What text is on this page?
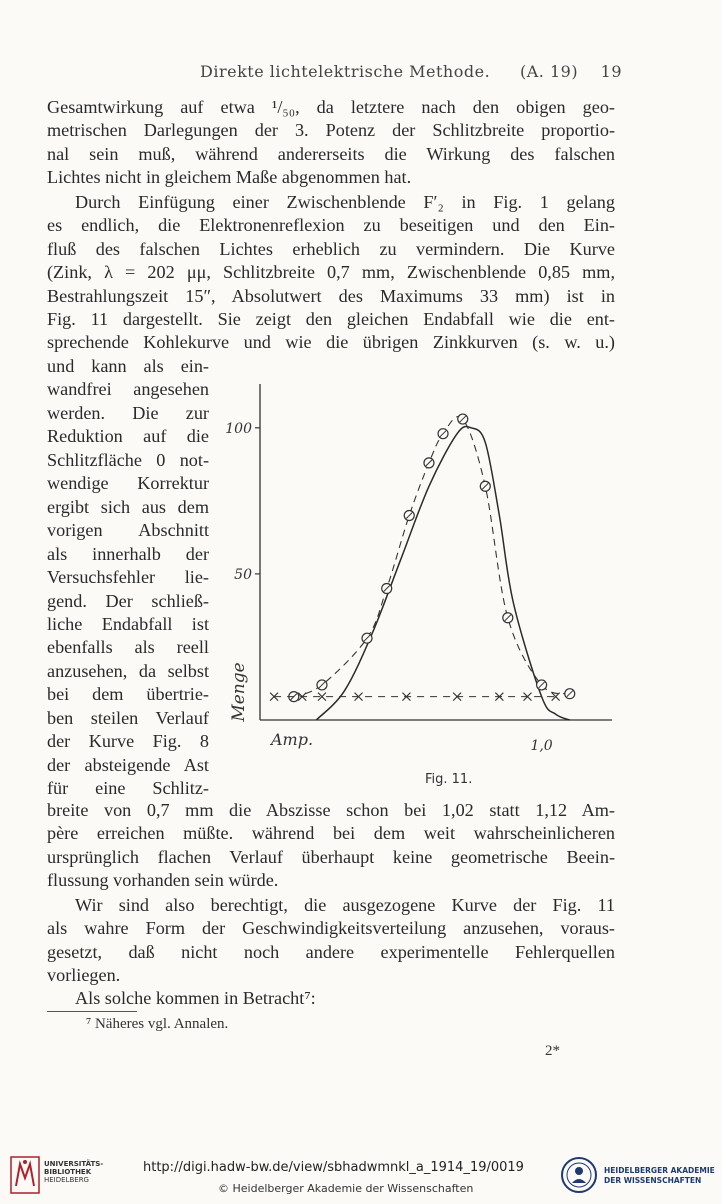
Direkte lichtelektrische Methode. (A. 19) 19
Gesamtwirkung auf etwa ¹/₅₀, da letztere nach den obigen geo-
metrischen Darlegungen der 3. Potenz der Schlitzbreite proportio-
nal sein muß, während andererseits die Wirkung des falschen
Lichtes nicht in gleichem Maße abgenommen hat.
Durch Einfügung einer Zwischenblende F′₂ in Fig. 1 gelang
es endlich, die Elektronenreflexion zu beseitigen und den Ein-
fluß des falschen Lichtes erheblich zu vermindern. Die Kurve
(Zink, λ = 202 μμ, Schlitzbreite 0,7 mm, Zwischenblende 0,85 mm,
Bestrahlungszeit 15″, Absolutwert des Maximums 33 mm) ist in
Fig. 11 dargestellt. Sie zeigt den gleichen Endabfall wie die ent-
sprechende Kohlekurve und wie die übrigen Zinkkurven (s. w. u.)
und kann als ein-
wandfrei angesehen
werden. Die zur
Reduktion auf die
Schlitzfläche 0 not-
wendige Korrektur
ergibt sich aus dem
vorigen Abschnitt
als innerhalb der
Versuchsfehler lie-
gend. Der schließ-
liche Endabfall ist
ebenfalls als reell
anzusehen, da selbst
bei dem übertrie-
ben steilen Verlauf
der Kurve Fig. 8
der absteigende Ast
für eine Schlitz-
50
100
1,0
Menge
Amp.
Fig. 11.
breite von 0,7 mm die Abszisse schon bei 1,02 statt 1,12 Am-
père erreichen müßte. während bei dem weit wahrscheinlicheren
ursprünglich flachen Verlauf überhaupt keine geometrische Beein-
flussung vorhanden sein würde.
Wir sind also berechtigt, die ausgezogene Kurve der Fig. 11
als wahre Form der Geschwindigkeitsverteilung anzusehen, voraus-
gesetzt, daß nicht noch andere experimentelle Fehlerquellen
vorliegen.
Als solche kommen in Betracht⁷:
⁷ Näheres vgl. Annalen.
2*
UNIVERSITÄTS-
BIBLIOTHEK
HEIDELBERG
http://digi.hadw-bw.de/view/sbhadwmnkl_a_1914_19/0019
© Heidelberger Akademie der Wissenschaften
HEIDELBERGER AKADEMIE
DER WISSENSCHAFTEN
